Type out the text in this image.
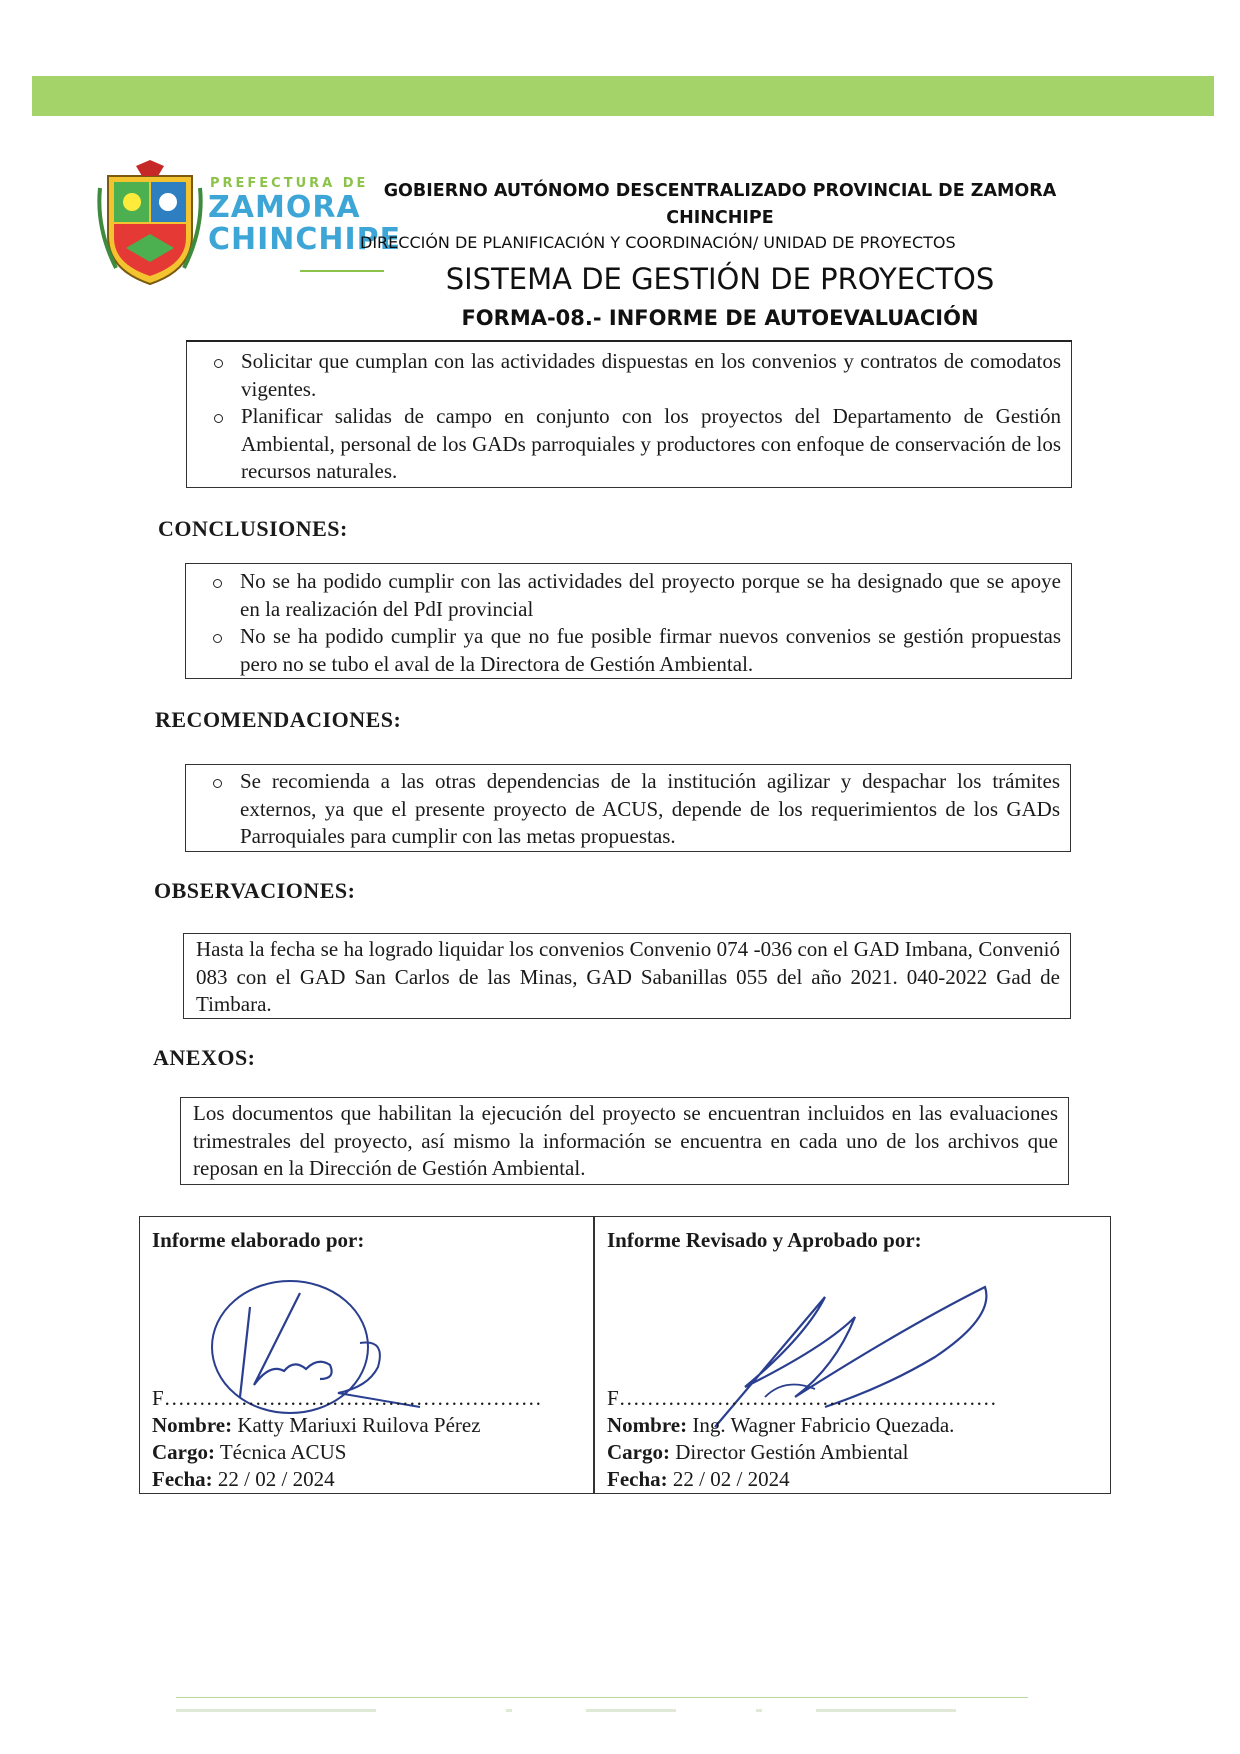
PREFECTURA DE
ZAMORA
CHINCHIPE
GOBIERNO AUTÓNOMO DESCENTRALIZADO PROVINCIAL DE ZAMORA CHINCHIPE
DIRECCIÓN DE PLANIFICACIÓN Y COORDINACIÓN/ UNIDAD DE PROYECTOS
SISTEMA DE GESTIÓN DE PROYECTOS
FORMA-08.- INFORME DE AUTOEVALUACIÓN
Solicitar que cumplan con las actividades dispuestas en los convenios y contratos de comodatos vigentes.
Planificar salidas de campo en conjunto con los proyectos del Departamento de Gestión Ambiental, personal de los GADs parroquiales y productores con enfoque de conservación de los recursos naturales.
CONCLUSIONES:
No se ha podido cumplir con las actividades del proyecto porque se ha designado que se apoye en la realización del PdI provincial
No se ha podido cumplir ya que no fue posible firmar nuevos convenios se gestión propuestas pero no se tubo el aval de la Directora de Gestión Ambiental.
RECOMENDACIONES:
Se recomienda a las otras dependencias de la institución agilizar y despachar los trámites externos, ya que el presente proyecto de ACUS, depende de los requerimientos de los GADs Parroquiales para cumplir con las metas propuestas.
OBSERVACIONES:

Hasta la fecha se ha logrado liquidar los convenios Convenio 074 -036 con el GAD Imbana, Convenió 083 con el GAD San Carlos de las Minas, GAD Sabanillas 055 del año 2021. 040-2022 Gad de Timbara.

ANEXOS:

Los documentos que habilitan la ejecución del proyecto se encuentran incluidos en las evaluaciones trimestrales del proyecto, así mismo la información se encuentra en cada uno de los archivos que reposan en la Dirección de Gestión Ambiental.

Informe elaborado por:
F………………………………………………
Nombre: Katty Mariuxi Ruilova Pérez
Cargo: Técnica ACUS
Fecha: 22 / 02 / 2024
Informe Revisado y Aprobado por:
F………………………………………………
Nombre: Ing. Wagner Fabricio Quezada.
Cargo: Director Gestión Ambiental
Fecha: 22 / 02 / 2024
